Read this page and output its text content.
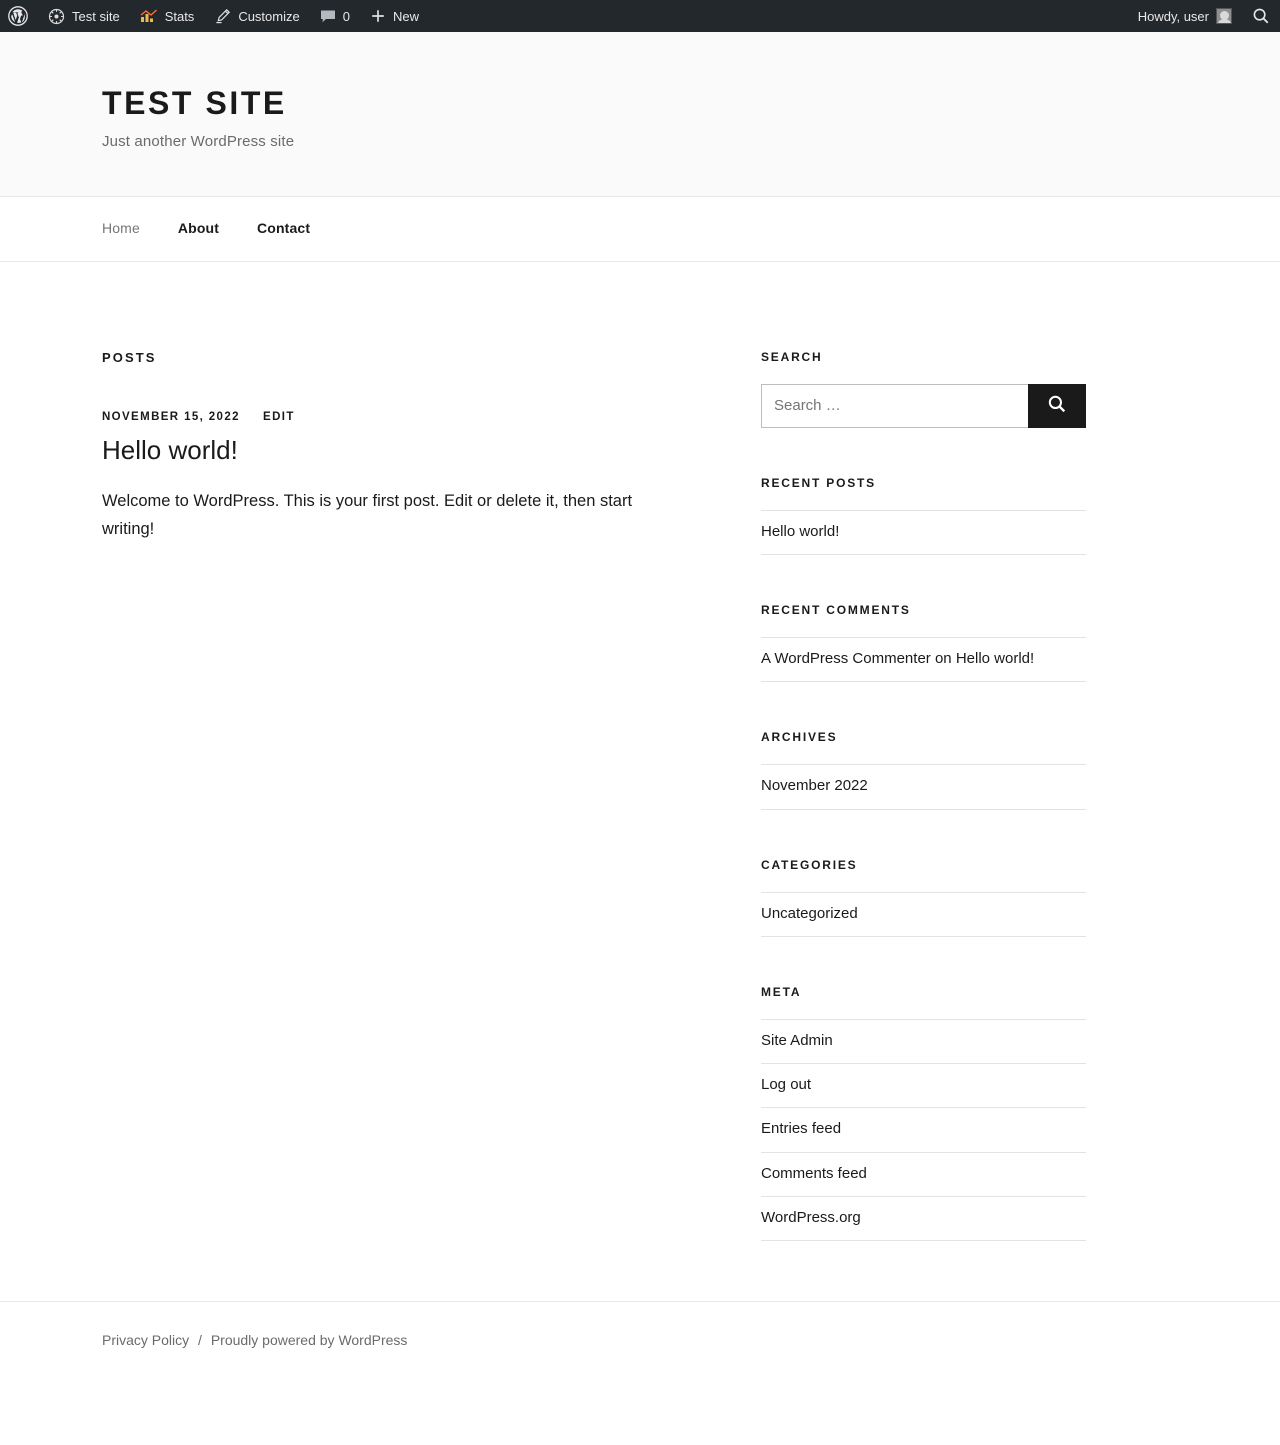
Test site	Stats	Customize	0	New	Howdy, user
TEST SITE

Just another WordPress site

Home	About	Contact
POSTS
NOVEMBER 15, 2022 EDIT
Hello world!

Welcome to WordPress. This is your first post. Edit or delete it, then start writing!

SEARCH
Search …
RECENT POSTS
Hello world!
RECENT COMMENTS
A WordPress Commenter on Hello world!
ARCHIVES
November 2022
CATEGORIES
Uncategorized
META
Site Admin
Log out
Entries feed
Comments feed
WordPress.org
Privacy Policy / Proudly powered by WordPress
